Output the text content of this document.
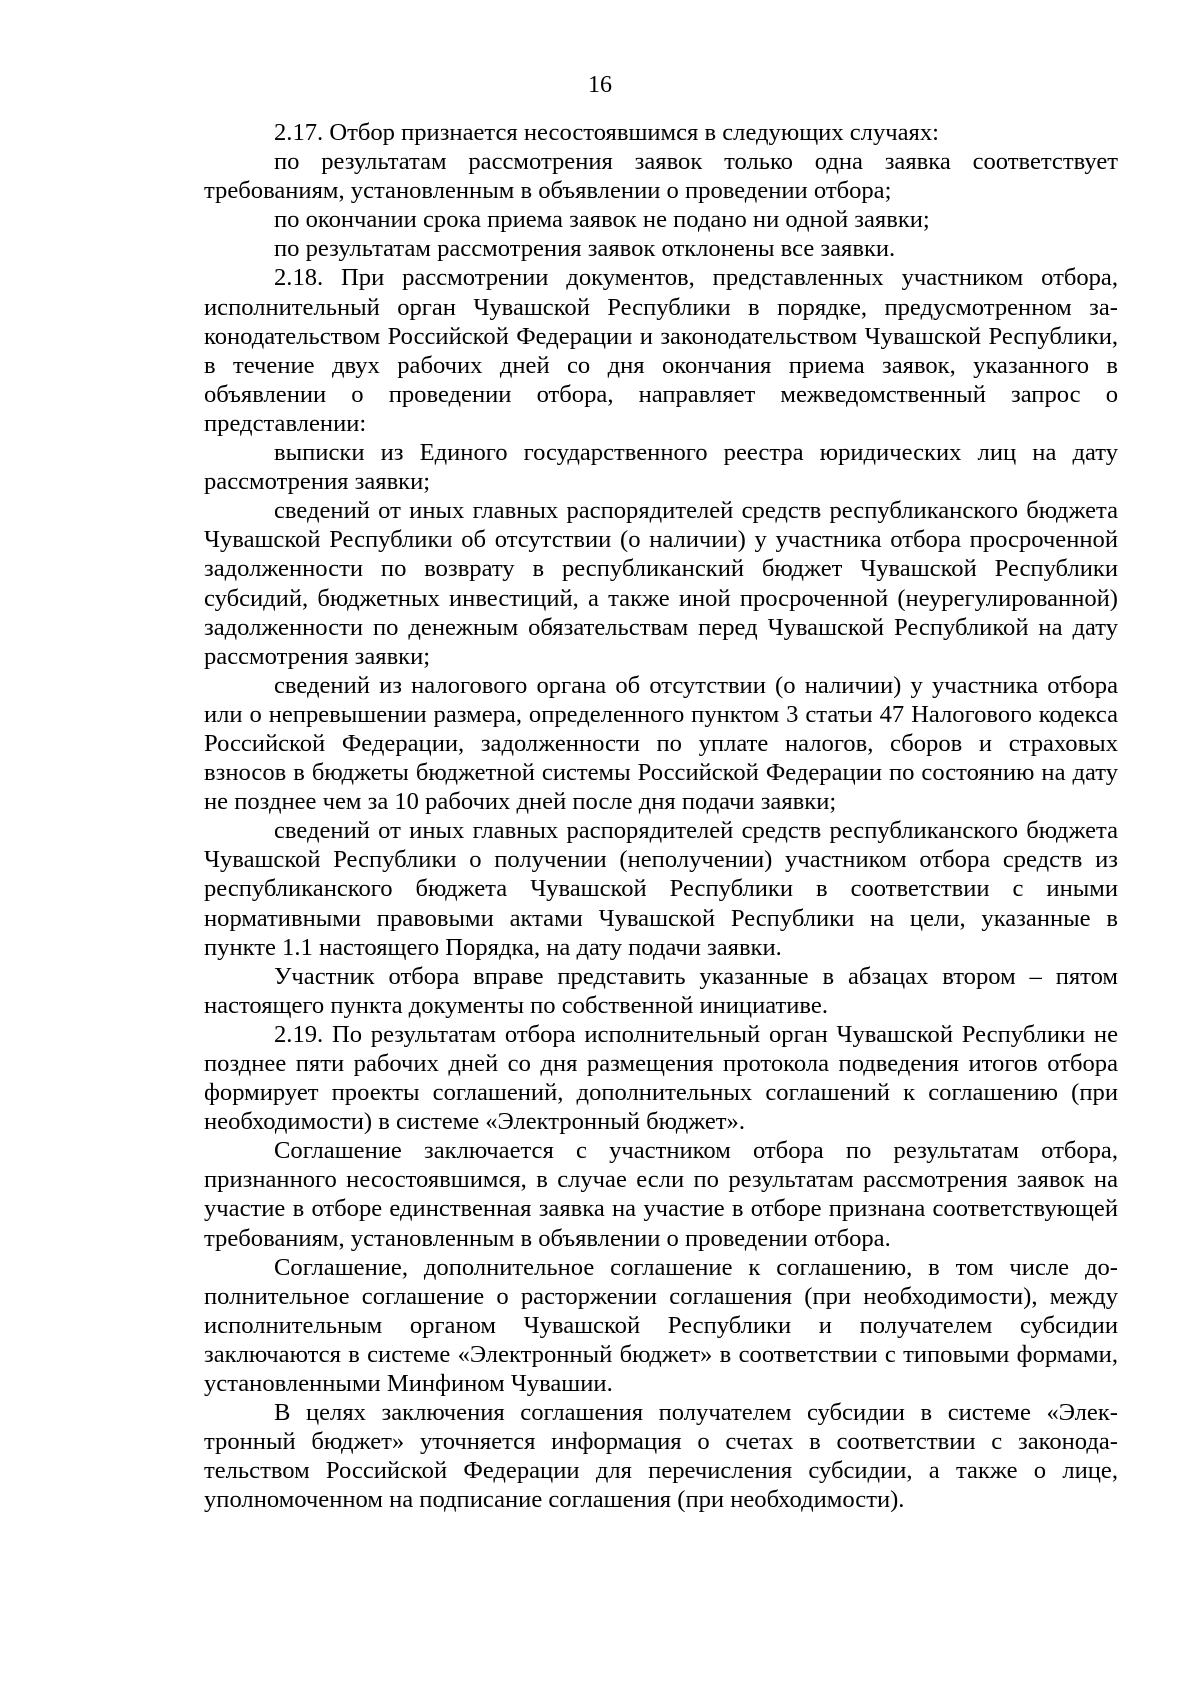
16

2.17. Отбор признается несостоявшимся в следующих случаях:

по результатам рассмотрения заявок только одна заявка соответствует требованиям, установленным в объявлении о проведении отбора;

по окончании срока приема заявок не подано ни одной заявки;

по результатам рассмотрения заявок отклонены все заявки.

2.18. При рассмотрении документов, представленных участником отбора, исполнительный орган Чувашской Республики в порядке, предусмотренном законодательством Российской Федерации и законодательством Чувашской Республики, в течение двух рабочих дней со дня окончания приема заявок, указанного в объявлении о проведении отбора, направляет межведомственный запрос о представлении:

выписки из Единого государственного реестра юридических лиц на дату рассмотрения заявки;

сведений от иных главных распорядителей средств республиканского бюджета Чувашской Республики об отсутствии (о наличии) у участника отбора просроченной задолженности по возврату в республиканский бюджет Чувашской Республики субсидий, бюджетных инвестиций, а также иной просроченной (неурегулированной) задолженности по денежным обязательствам перед Чувашской Республикой на дату рассмотрения заявки;

сведений из налогового органа об отсутствии (о наличии) у участника отбора или о непревышении размера, определенного пунктом 3 статьи 47 Налогового кодекса Российской Федерации, задолженности по уплате налогов, сборов и страховых взносов в бюджеты бюджетной системы Российской Федерации по состоянию на дату не позднее чем за 10 рабочих дней после дня подачи заявки;

сведений от иных главных распорядителей средств республиканского бюджета Чувашской Республики о получении (неполучении) участником отбора средств из республиканского бюджета Чувашской Республики в соответствии с иными нормативными правовыми актами Чувашской Республики на цели, указанные в пункте 1.1 настоящего Порядка, на дату подачи заявки.

Участник отбора вправе представить указанные в абзацах втором – пятом настоящего пункта документы по собственной инициативе.

2.19. По результатам отбора исполнительный орган Чувашской Республики не позднее пяти рабочих дней со дня размещения протокола подведения итогов отбора формирует проекты соглашений, дополнительных соглашений к соглашению (при необходимости) в системе «Электронный бюджет».

Соглашение заключается с участником отбора по результатам отбора, признанного несостоявшимся, в случае если по результатам рассмотрения заявок на участие в отборе единственная заявка на участие в отборе признана соответствующей требованиям, установленным в объявлении о проведении отбора.

Соглашение, дополнительное соглашение к соглашению, в том числе дополнительное соглашение о расторжении соглашения (при необходимости), между исполнительным органом Чувашской Республики и получателем субсидии заключаются в системе «Электронный бюджет» в соответствии с типовыми формами, установленными Минфином Чувашии.

В целях заключения соглашения получателем субсидии в системе «Электронный бюджет» уточняется информация о счетах в соответствии с законодательством Российской Федерации для перечисления субсидии, а также о лице, уполномоченном на подписание соглашения (при необходимости).
